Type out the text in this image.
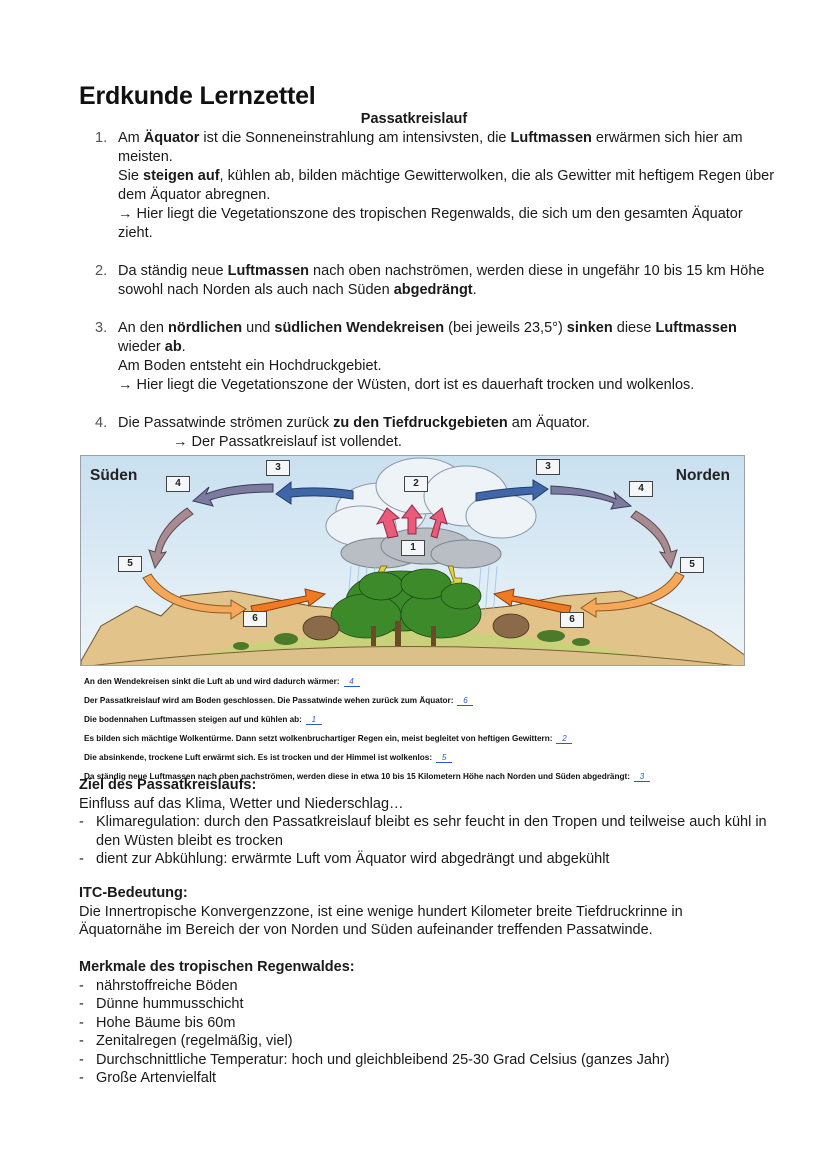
Erdkunde Lernzettel
Passatkreislauf
1. Am Äquator ist die Sonneneinstrahlung am intensivsten, die Luftmassen erwärmen sich hier am meisten.
Sie steigen auf, kühlen ab, bilden mächtige Gewitterwolken, die als Gewitter mit heftigem Regen über dem Äquator abregnen.
→ Hier liegt die Vegetationszone des tropischen Regenwalds, die sich um den gesamten Äquator zieht.
2. Da ständig neue Luftmassen nach oben nachströmen, werden diese in ungefähr 10 bis 15 km Höhe sowohl nach Norden als auch nach Süden abgedrängt.
3. An den nördlichen und südlichen Wendekreisen (bei jeweils 23,5°) sinken diese Luftmassen wieder ab.
Am Boden entsteht ein Hochdruckgebiet.
→ Hier liegt die Vegetationszone der Wüsten, dort ist es dauerhaft trocken und wolkenlos.
4. Die Passatwinde strömen zurück zu den Tiefdruckgebieten am Äquator.
→ Der Passatkreislauf ist vollendet.
Süden	Norden
1
2
3	3
4	4
5	5
6	6
An den Wendekreisen sinkt die Luft ab und wird dadurch wärmer: 4
Der Passatkreislauf wird am Boden geschlossen. Die Passatwinde wehen zurück zum Äquator: 6
Die bodennahen Luftmassen steigen auf und kühlen ab: 1
Es bilden sich mächtige Wolkentürme. Dann setzt wolkenbruchartiger Regen ein, meist begleitet von heftigen Gewittern: 2
Die absinkende, trockene Luft erwärmt sich. Es ist trocken und der Himmel ist wolkenlos: 5
Da ständig neue Luftmassen nach oben nachströmen, werden diese in etwa 10 bis 15 Kilometern Höhe nach Norden und Süden abgedrängt: 3
Ziel des Passatkreislaufs:
Einfluss auf das Klima, Wetter und Niederschlag…
- Klimaregulation: durch den Passatkreislauf bleibt es sehr feucht in den Tropen und teilweise auch kühl in den Wüsten bleibt es trocken
- dient zur Abkühlung: erwärmte Luft vom Äquator wird abgedrängt und abgekühlt
ITC-Bedeutung:
Die Innertropische Konvergenzzone, ist eine wenige hundert Kilometer breite Tiefdruckrinne in Äquatornähe im Bereich der von Norden und Süden aufeinander treffenden Passatwinde.
Merkmale des tropischen Regenwaldes:
- nährstoffreiche Böden
- Dünne hummusschicht
- Hohe Bäume bis 60m
- Zenitalregen (regelmäßig, viel)
- Durchschnittliche Temperatur: hoch und gleichbleibend 25-30 Grad Celsius (ganzes Jahr)
- Große Artenvielfalt
